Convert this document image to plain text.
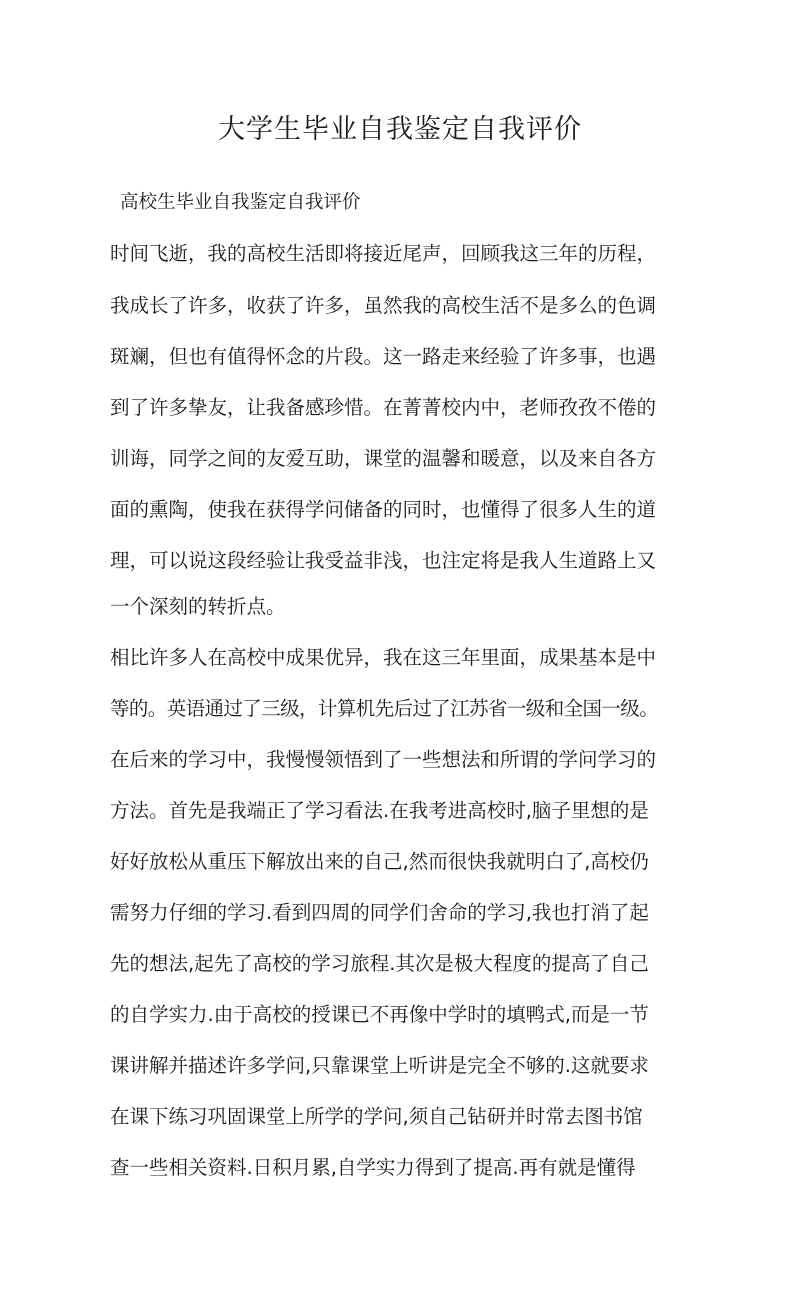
大学生毕业自我鉴定自我评价

高校生毕业自我鉴定自我评价

时间飞逝，我的高校生活即将接近尾声，回顾我这三年的历程，

我成长了许多，收获了许多，虽然我的高校生活不是多么的色调

斑斓，但也有值得怀念的片段。这一路走来经验了许多事，也遇

到了许多挚友，让我备感珍惜。在菁菁校内中，老师孜孜不倦的

训诲，同学之间的友爱互助，课堂的温馨和暖意，以及来自各方

面的熏陶，使我在获得学问储备的同时，也懂得了很多人生的道

理，可以说这段经验让我受益非浅，也注定将是我人生道路上又

一个深刻的转折点。

相比许多人在高校中成果优异，我在这三年里面，成果基本是中

等的。英语通过了三级，计算机先后过了江苏省一级和全国一级。

在后来的学习中，我慢慢领悟到了一些想法和所谓的学问学习的

方法。首先是我端正了学习看法.在我考进高校时,脑子里想的是

好好放松从重压下解放出来的自己,然而很快我就明白了,高校仍

需努力仔细的学习.看到四周的同学们舍命的学习,我也打消了起

先的想法,起先了高校的学习旅程.其次是极大程度的提高了自己

的自学实力.由于高校的授课已不再像中学时的填鸭式,而是一节

课讲解并描述许多学问,只靠课堂上听讲是完全不够的.这就要求

在课下练习巩固课堂上所学的学问,须自己钻研并时常去图书馆

查一些相关资料.日积月累,自学实力得到了提高.再有就是懂得
